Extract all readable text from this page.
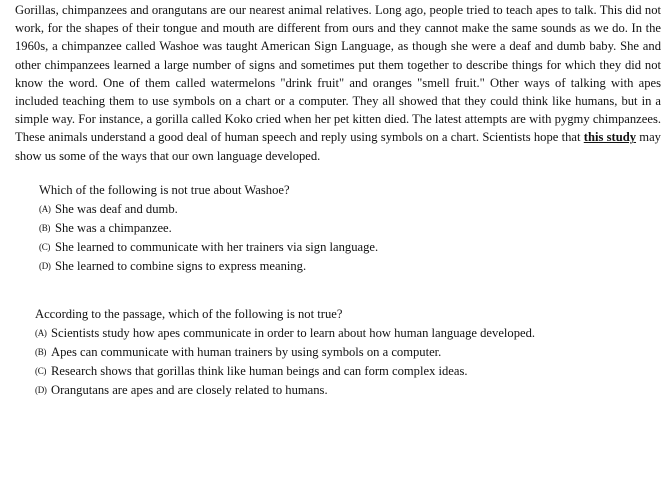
Gorillas, chimpanzees and orangutans are our nearest animal relatives. Long ago, people tried to teach apes to talk. This did not work, for the shapes of their tongue and mouth are different from ours and they cannot make the same sounds as we do. In the 1960s, a chimpanzee called Washoe was taught American Sign Language, as though she were a deaf and dumb baby. She and other chimpanzees learned a large number of signs and sometimes put them together to describe things for which they did not know the word. One of them called watermelons "drink fruit" and oranges "smell fruit." Other ways of talking with apes included teaching them to use symbols on a chart or a computer. They all showed that they could think like humans, but in a simple way. For instance, a gorilla called Koko cried when her pet kitten died. The latest attempts are with pygmy chimpanzees. These animals understand a good deal of human speech and reply using symbols on a chart. Scientists hope that this study may show us some of the ways that our own language developed.

Which of the following is not true about Washoe?
(A) She was deaf and dumb.
(B) She was a chimpanzee.
(C) She learned to communicate with her trainers via sign language.
(D) She learned to combine signs to express meaning.
According to the passage, which of the following is not true?
(A) Scientists study how apes communicate in order to learn about how human language developed.
(B) Apes can communicate with human trainers by using symbols on a computer.
(C) Research shows that gorillas think like human beings and can form complex ideas.
(D) Orangutans are apes and are closely related to humans.
